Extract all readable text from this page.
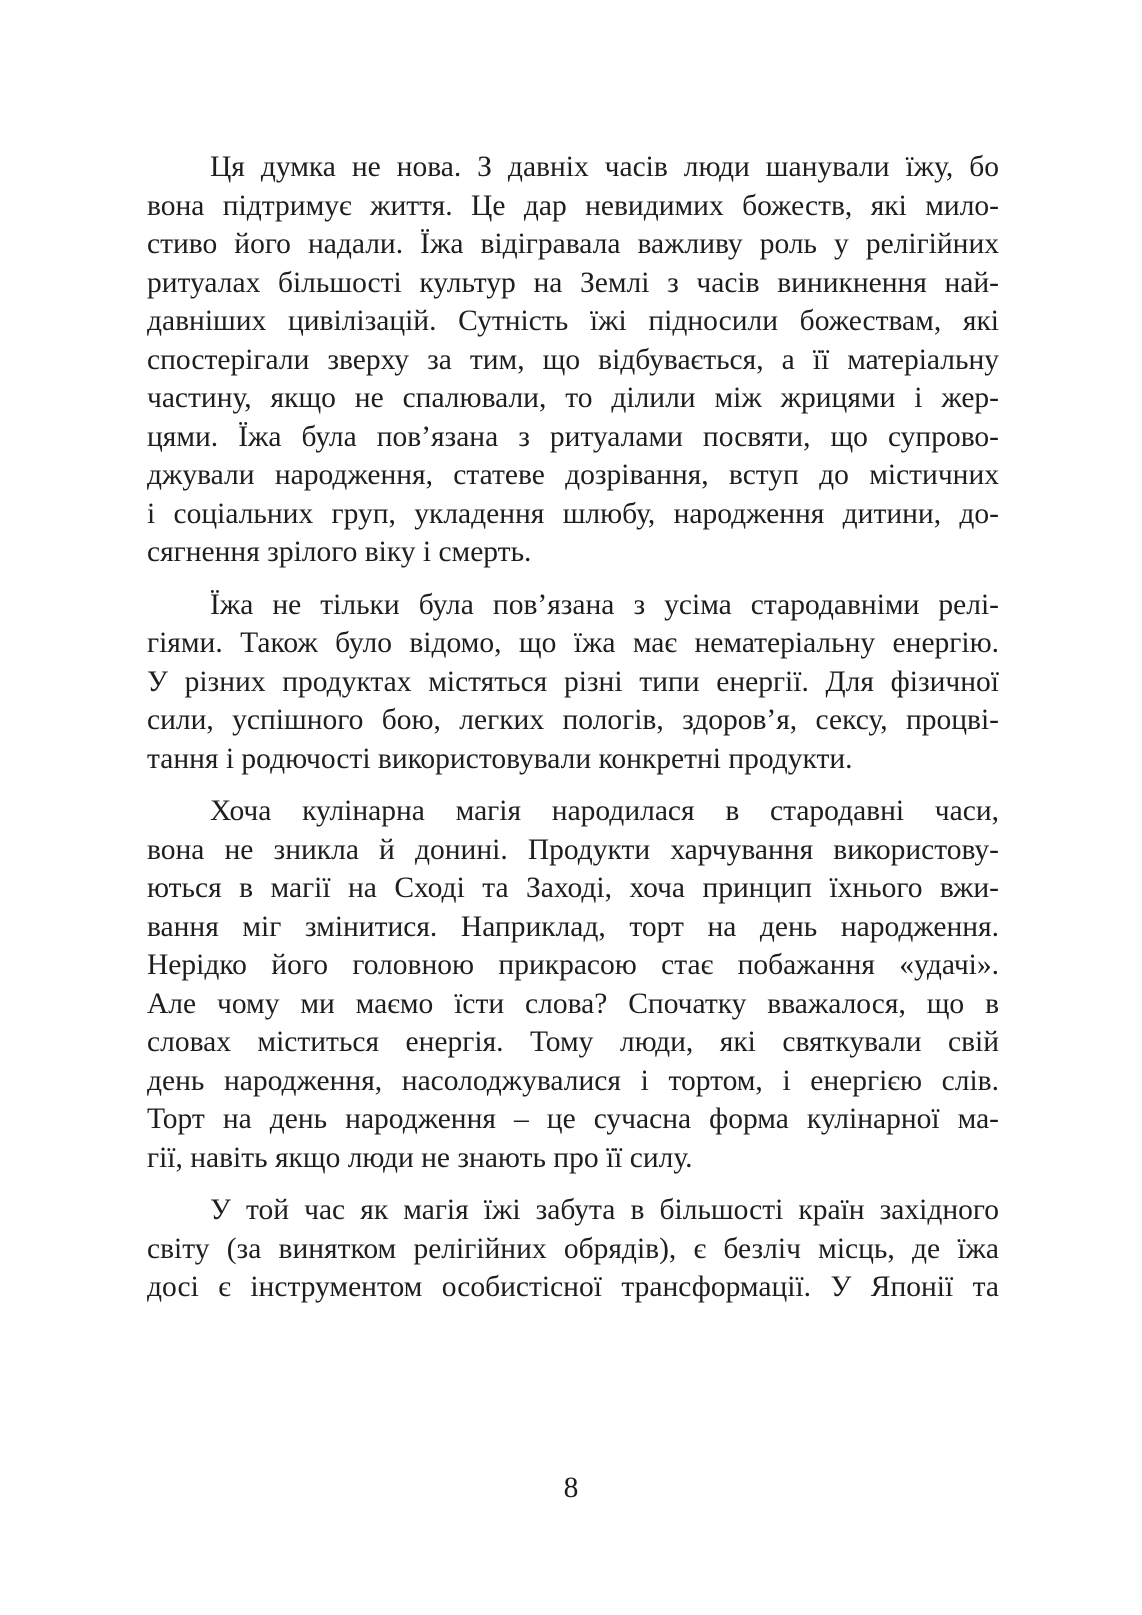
Ця думка не нова. З давніх часів люди шанували їжу, бо
вона підтримує життя. Це дар невидимих божеств, які мило-
стиво його надали. Їжа відігравала важливу роль у релігійних
ритуалах більшості культур на Землі з часів виникнення най-
давніших цивілізацій. Сутність їжі підносили божествам, які
спостерігали зверху за тим, що відбувається, а її матеріальну
частину, якщо не спалювали, то ділили між жрицями і жер-
цями. Їжа була пов’язана з ритуалами посвяти, що супрово-
джували народження, статеве дозрівання, вступ до містичних
і соціальних груп, укладення шлюбу, народження дитини, до-
сягнення зрілого віку і смерть.

Їжа не тільки була пов’язана з усіма стародавніми релі-
гіями. Також було відомо, що їжа має нематеріальну енергію.
У різних продуктах містяться різні типи енергії. Для фізичної
сили, успішного бою, легких пологів, здоров’я, сексу, процві-
тання і родючості використовували конкретні продукти.

Хоча кулінарна магія народилася в стародавні часи,
вона не зникла й донині. Продукти харчування використову-
ються в магії на Сході та Заході, хоча принцип їхнього вжи-
вання міг змінитися. Наприклад, торт на день народження.
Нерідко його головною прикрасою стає побажання «удачі».
Але чому ми маємо їсти слова? Спочатку вважалося, що в
словах міститься енергія. Тому люди, які святкували свій
день народження, насолоджувалися і тортом, і енергією слів.
Торт на день народження – це сучасна форма кулінарної ма-
гії, навіть якщо люди не знають про її силу.

У той час як магія їжі забута в більшості країн західного
світу (за винятком релігійних обрядів), є безліч місць, де їжа
досі є інструментом особистісної трансформації. У Японії та

8
